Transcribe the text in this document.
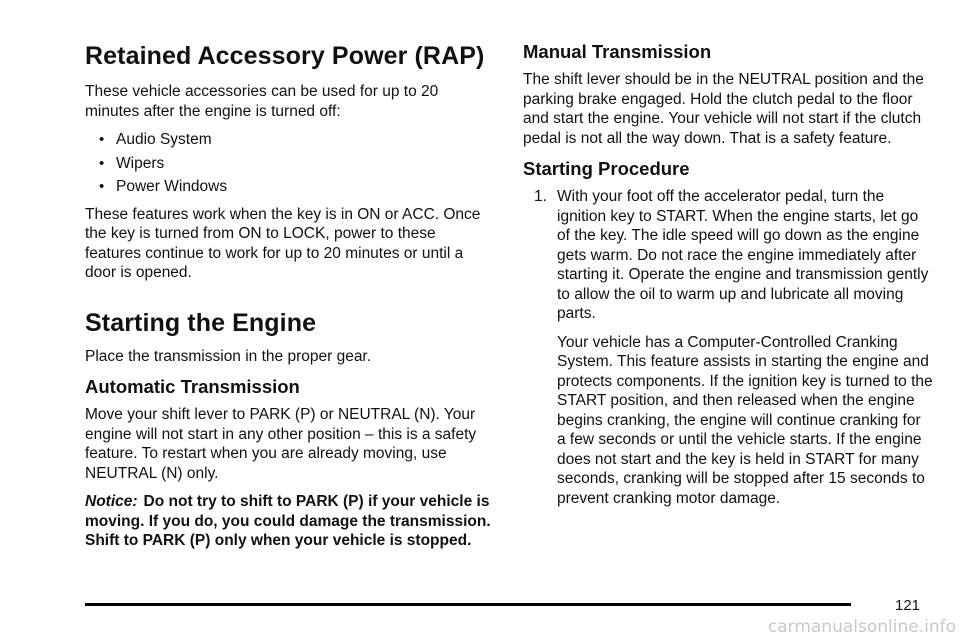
Retained Accessory Power (RAP)

These vehicle accessories can be used for up to 20 minutes after the engine is turned off:

• Audio System
• Wipers
• Power Windows

These features work when the key is in ON or ACC. Once the key is turned from ON to LOCK, power to these features continue to work for up to 20 minutes or until a door is opened.

Starting the Engine

Place the transmission in the proper gear.

Automatic Transmission

Move your shift lever to PARK (P) or NEUTRAL (N). Your engine will not start in any other position – this is a safety feature. To restart when you are already moving, use NEUTRAL (N) only.

Notice: Do not try to shift to PARK (P) if your vehicle is moving. If you do, you could damage the transmission. Shift to PARK (P) only when your vehicle is stopped.

Manual Transmission

The shift lever should be in the NEUTRAL position and the parking brake engaged. Hold the clutch pedal to the floor and start the engine. Your vehicle will not start if the clutch pedal is not all the way down. That is a safety feature.

Starting Procedure
1. With your foot off the accelerator pedal, turn the ignition key to START. When the engine starts, let go of the key. The idle speed will go down as the engine gets warm. Do not race the engine immediately after starting it. Operate the engine and transmission gently to allow the oil to warm up and lubricate all moving parts.

Your vehicle has a Computer-Controlled Cranking System. This feature assists in starting the engine and protects components. If the ignition key is turned to the START position, and then released when the engine begins cranking, the engine will continue cranking for a few seconds or until the vehicle starts. If the engine does not start and the key is held in START for many seconds, cranking will be stopped after 15 seconds to prevent cranking motor damage.

121
carmanualsonline.info
